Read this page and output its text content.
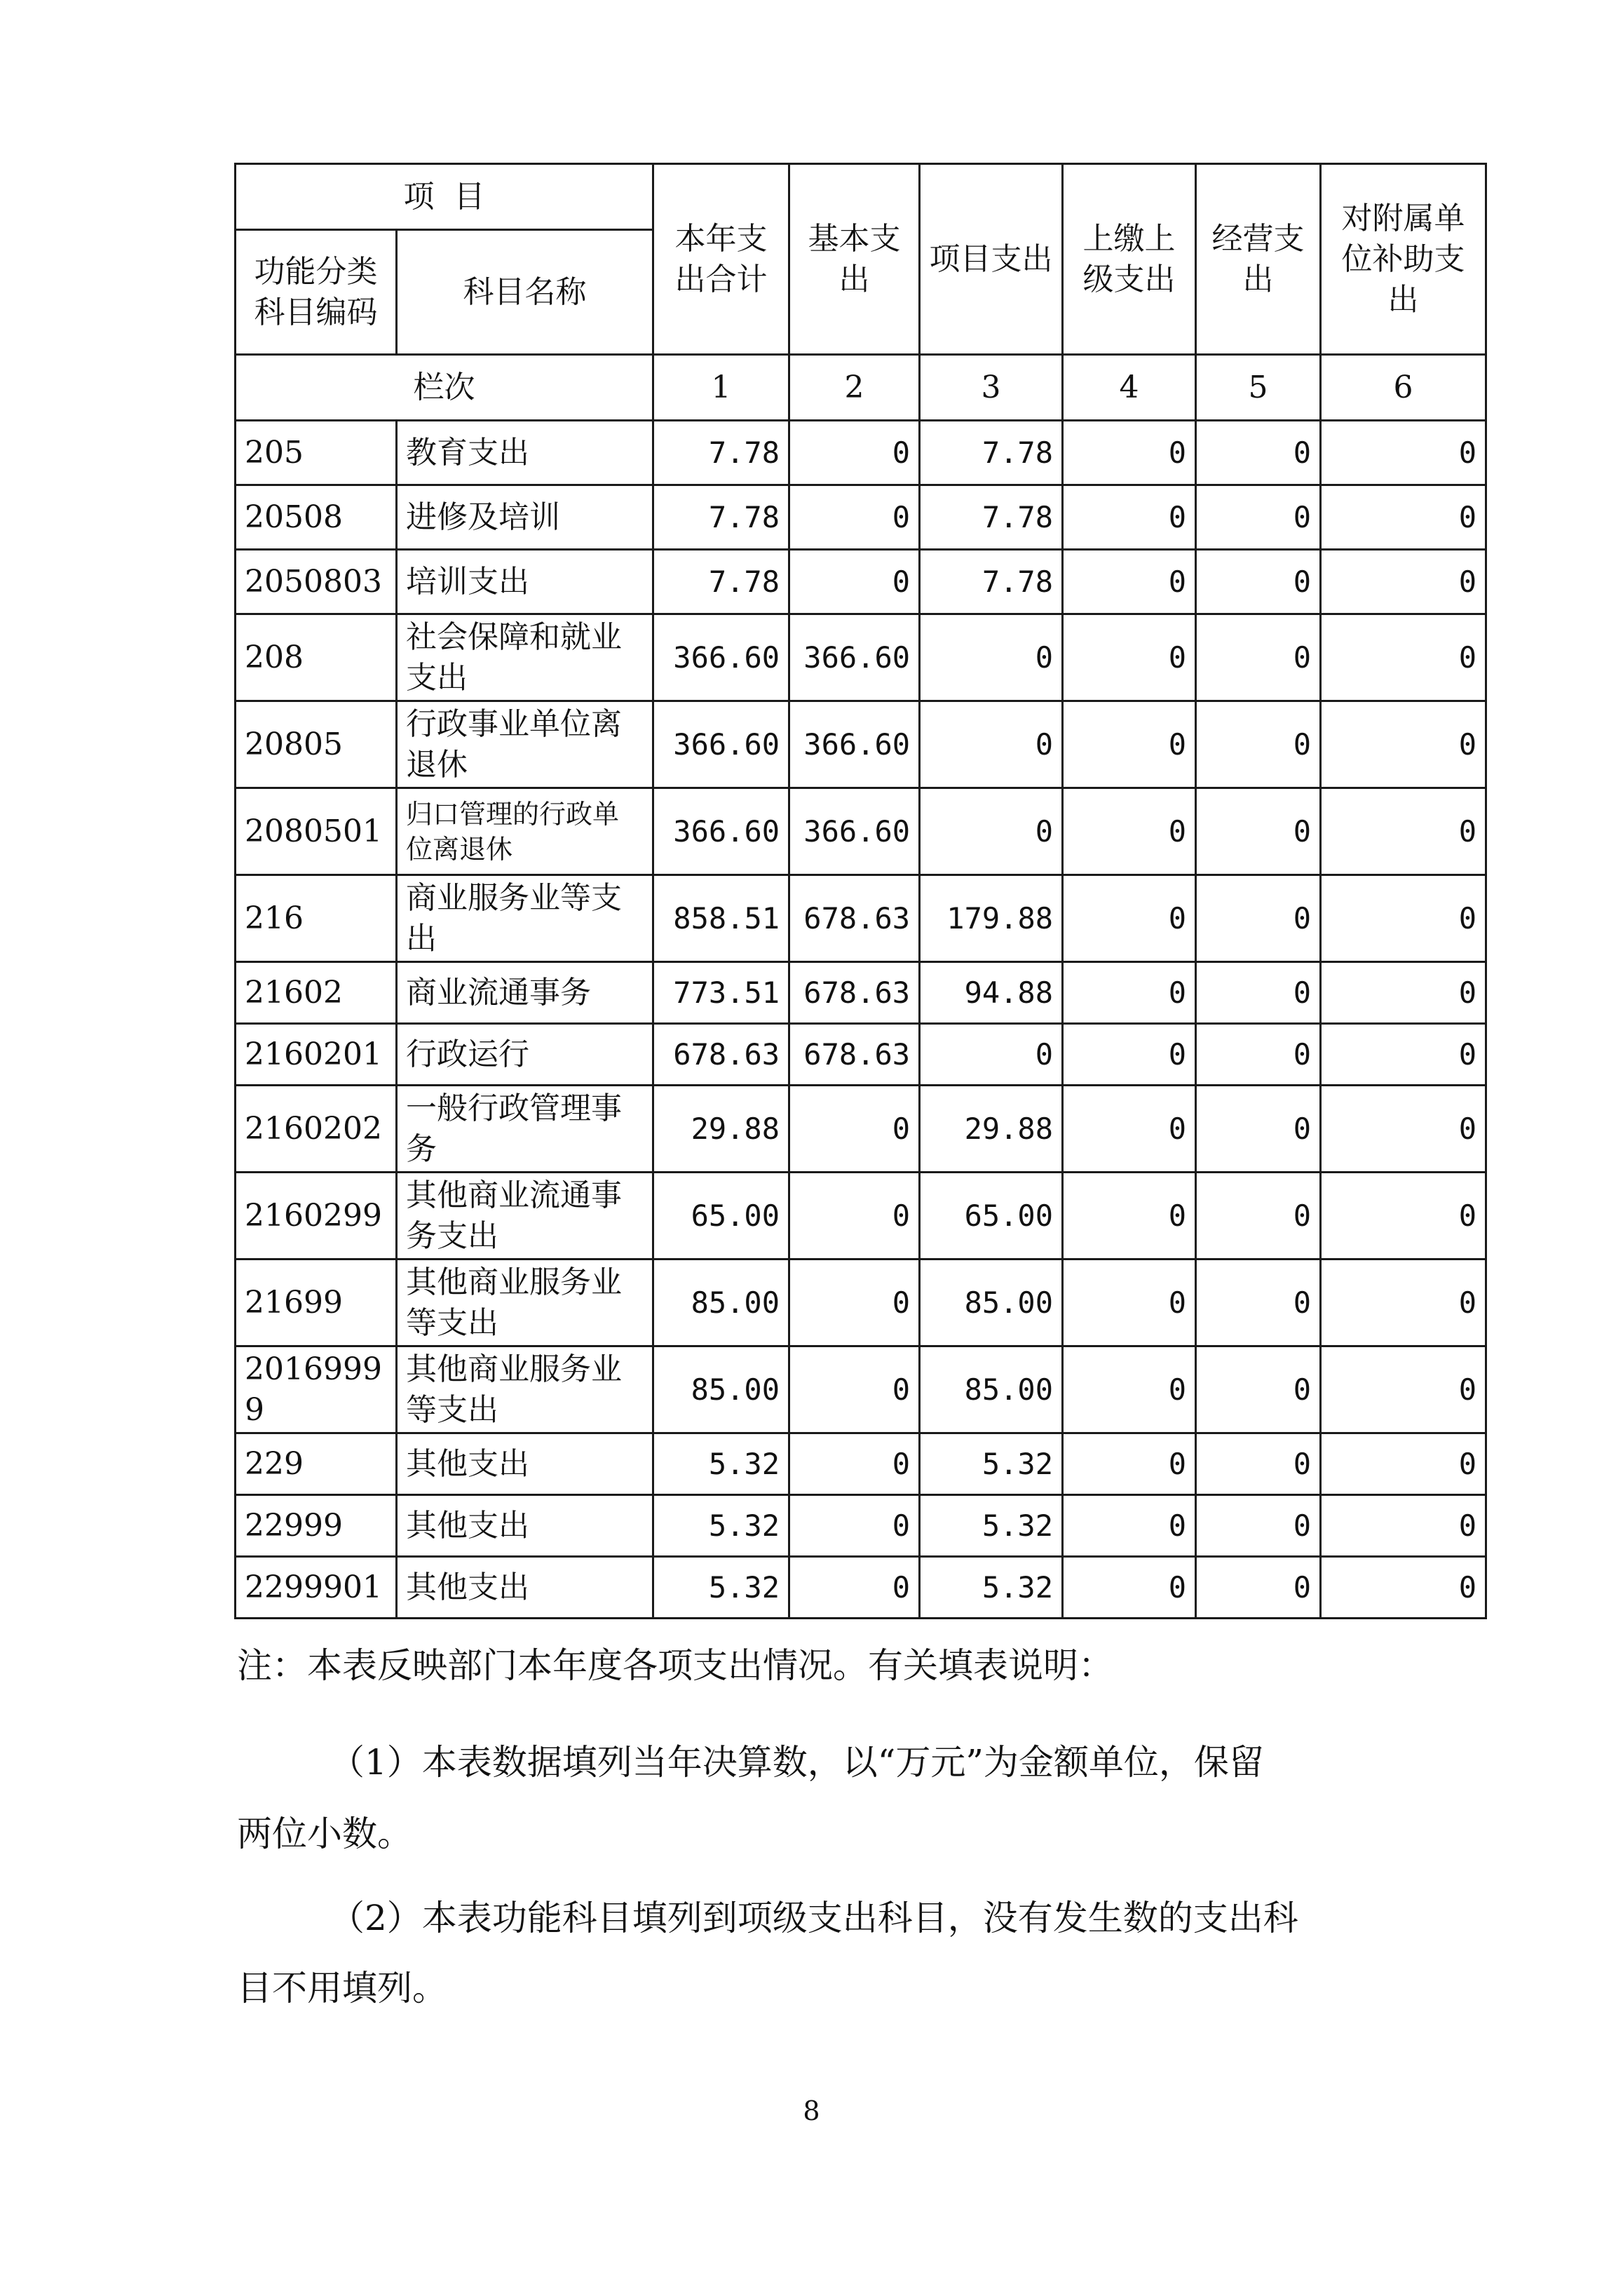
项  目		本年支出合计	基本支出	项目支出	上缴上级支出	经营支出	对附属单位补助支出
功能分类科目编码	科目名称						
栏次		1	2	3	4	5	6
205	教育支出	7.78	0	7.78	0	0	0
20508	进修及培训	7.78	0	7.78	0	0	0
2050803	培训支出	7.78	0	7.78	0	0	0
208	社会保障和就业支出	366.60	366.60	0	0	0	0
20805	行政事业单位离退休	366.60	366.60	0	0	0	0
2080501	归口管理的行政单位离退休	366.60	366.60	0	0	0	0
216	商业服务业等支出	858.51	678.63	179.88	0	0	0
21602	商业流通事务	773.51	678.63	94.88	0	0	0
2160201	行政运行	678.63	678.63	0	0	0	0
2160202	一般行政管理事务	29.88	0	29.88	0	0	0
2160299	其他商业流通事务支出	65.00	0	65.00	0	0	0
21699	其他商业服务业等支出	85.00	0	85.00	0	0	0
20169999	其他商业服务业等支出	85.00	0	85.00	0	0	0
229	其他支出	5.32	0	5.32	0	0	0
22999	其他支出	5.32	0	5.32	0	0	0
2299901	其他支出	5.32	0	5.32	0	0	0
注：本表反映部门本年度各项支出情况。有关填表说明：
（1）本表数据填列当年决算数，以“万元”为金额单位，保留
两位小数。
（2）本表功能科目填列到项级支出科目，没有发生数的支出科
目不用填列。
8
